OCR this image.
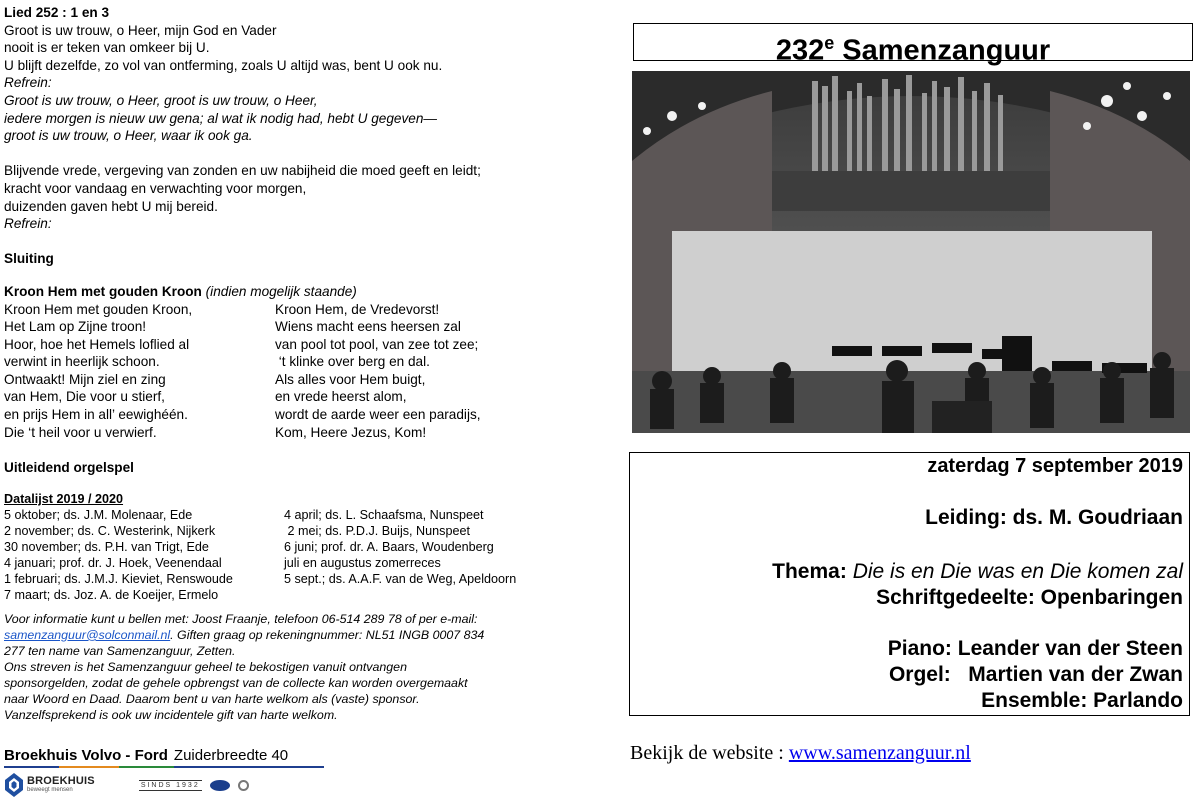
Lied 252 : 1 en 3
Groot is uw trouw, o Heer, mijn God en Vader
nooit is er teken van omkeer bij U.
U blijft dezelfde, zo vol van ontferming, zoals U altijd was, bent U ook nu.
Refrein:
Groot is uw trouw, o Heer, groot is uw trouw, o Heer,
iedere morgen is nieuw uw gena; al wat ik nodig had, hebt U gegeven—
groot is uw trouw, o Heer, waar ik ook ga.
Blijvende vrede, vergeving van zonden en uw nabijheid die moed geeft en leidt;
kracht voor vandaag en verwachting voor morgen,
duizenden gaven hebt U mij bereid.
Refrein:
Sluiting
Kroon Hem met gouden Kroon (indien mogelijk staande)
Kroon Hem met gouden Kroon,
Het Lam op Zijne troon!
Hoor, hoe het Hemels loflied al
verwint in heerlijk schoon.
Ontwaakt! Mijn ziel en zing
van Hem, Die voor u stierf,
en prijs Hem in all’ eewighéén.
Die ‘t heil voor u verwierf.
Kroon Hem, de Vredevorst!
Wiens macht eens heersen zal
van pool tot pool, van zee tot zee;
‘t klinke over berg en dal.
Als alles voor Hem buigt,
en vrede heerst alom,
wordt de aarde weer een paradijs,
Kom, Heere Jezus, Kom!
Uitleidend orgelspel
Datalijst 2019 / 2020
5 oktober; ds. J.M. Molenaar, Ede
2 november; ds. C. Westerink, Nijkerk
30 november; ds. P.H. van Trigt, Ede
4 januari; prof. dr. J. Hoek, Veenendaal
1 februari; ds. J.M.J. Kieviet, Renswoude
7 maart; ds. Joz. A. de Koeijer, Ermelo
4 april; ds. L. Schaafsma, Nunspeet
2 mei; ds. P.D.J. Buijs, Nunspeet
6 juni; prof. dr. A. Baars, Woudenberg
juli en augustus zomerreces
5 sept.; ds. A.A.F. van de Weg, Apeldoorn
Voor informatie kunt u bellen met: Joost Fraanje, telefoon 06-514 289 78 of per e-mail:
samenzanguur@solconmail.nl. Giften graag op rekeningnummer: NL51 INGB 0007 834
277 ten name van Samenzanguur, Zetten.
Ons streven is het Samenzanguur geheel te bekostigen vanuit ontvangen
sponsorgelden, zodat de gehele opbrengst van de collecte kan worden overgemaakt
naar Woord en Daad. Daarom bent u van harte welkom als (vaste) sponsor.
Vanzelfsprekend is ook uw incidentele gift van harte welkom.
Broekhuis Volvo - Ford Zuiderbreedte 40
BROEKHUIS
beweegt mensen
SINDS 1932
232e Samenzanguur
zaterdag 7 september 2019
Leiding: ds. M. Goudriaan
Thema: Die is en Die was en Die komen zal
Schriftgedeelte: Openbaringen
Piano: Leander van der Steen
Orgel:   Martien van der Zwan
Ensemble: Parlando
Bekijk de website : www.samenzanguur.nl
